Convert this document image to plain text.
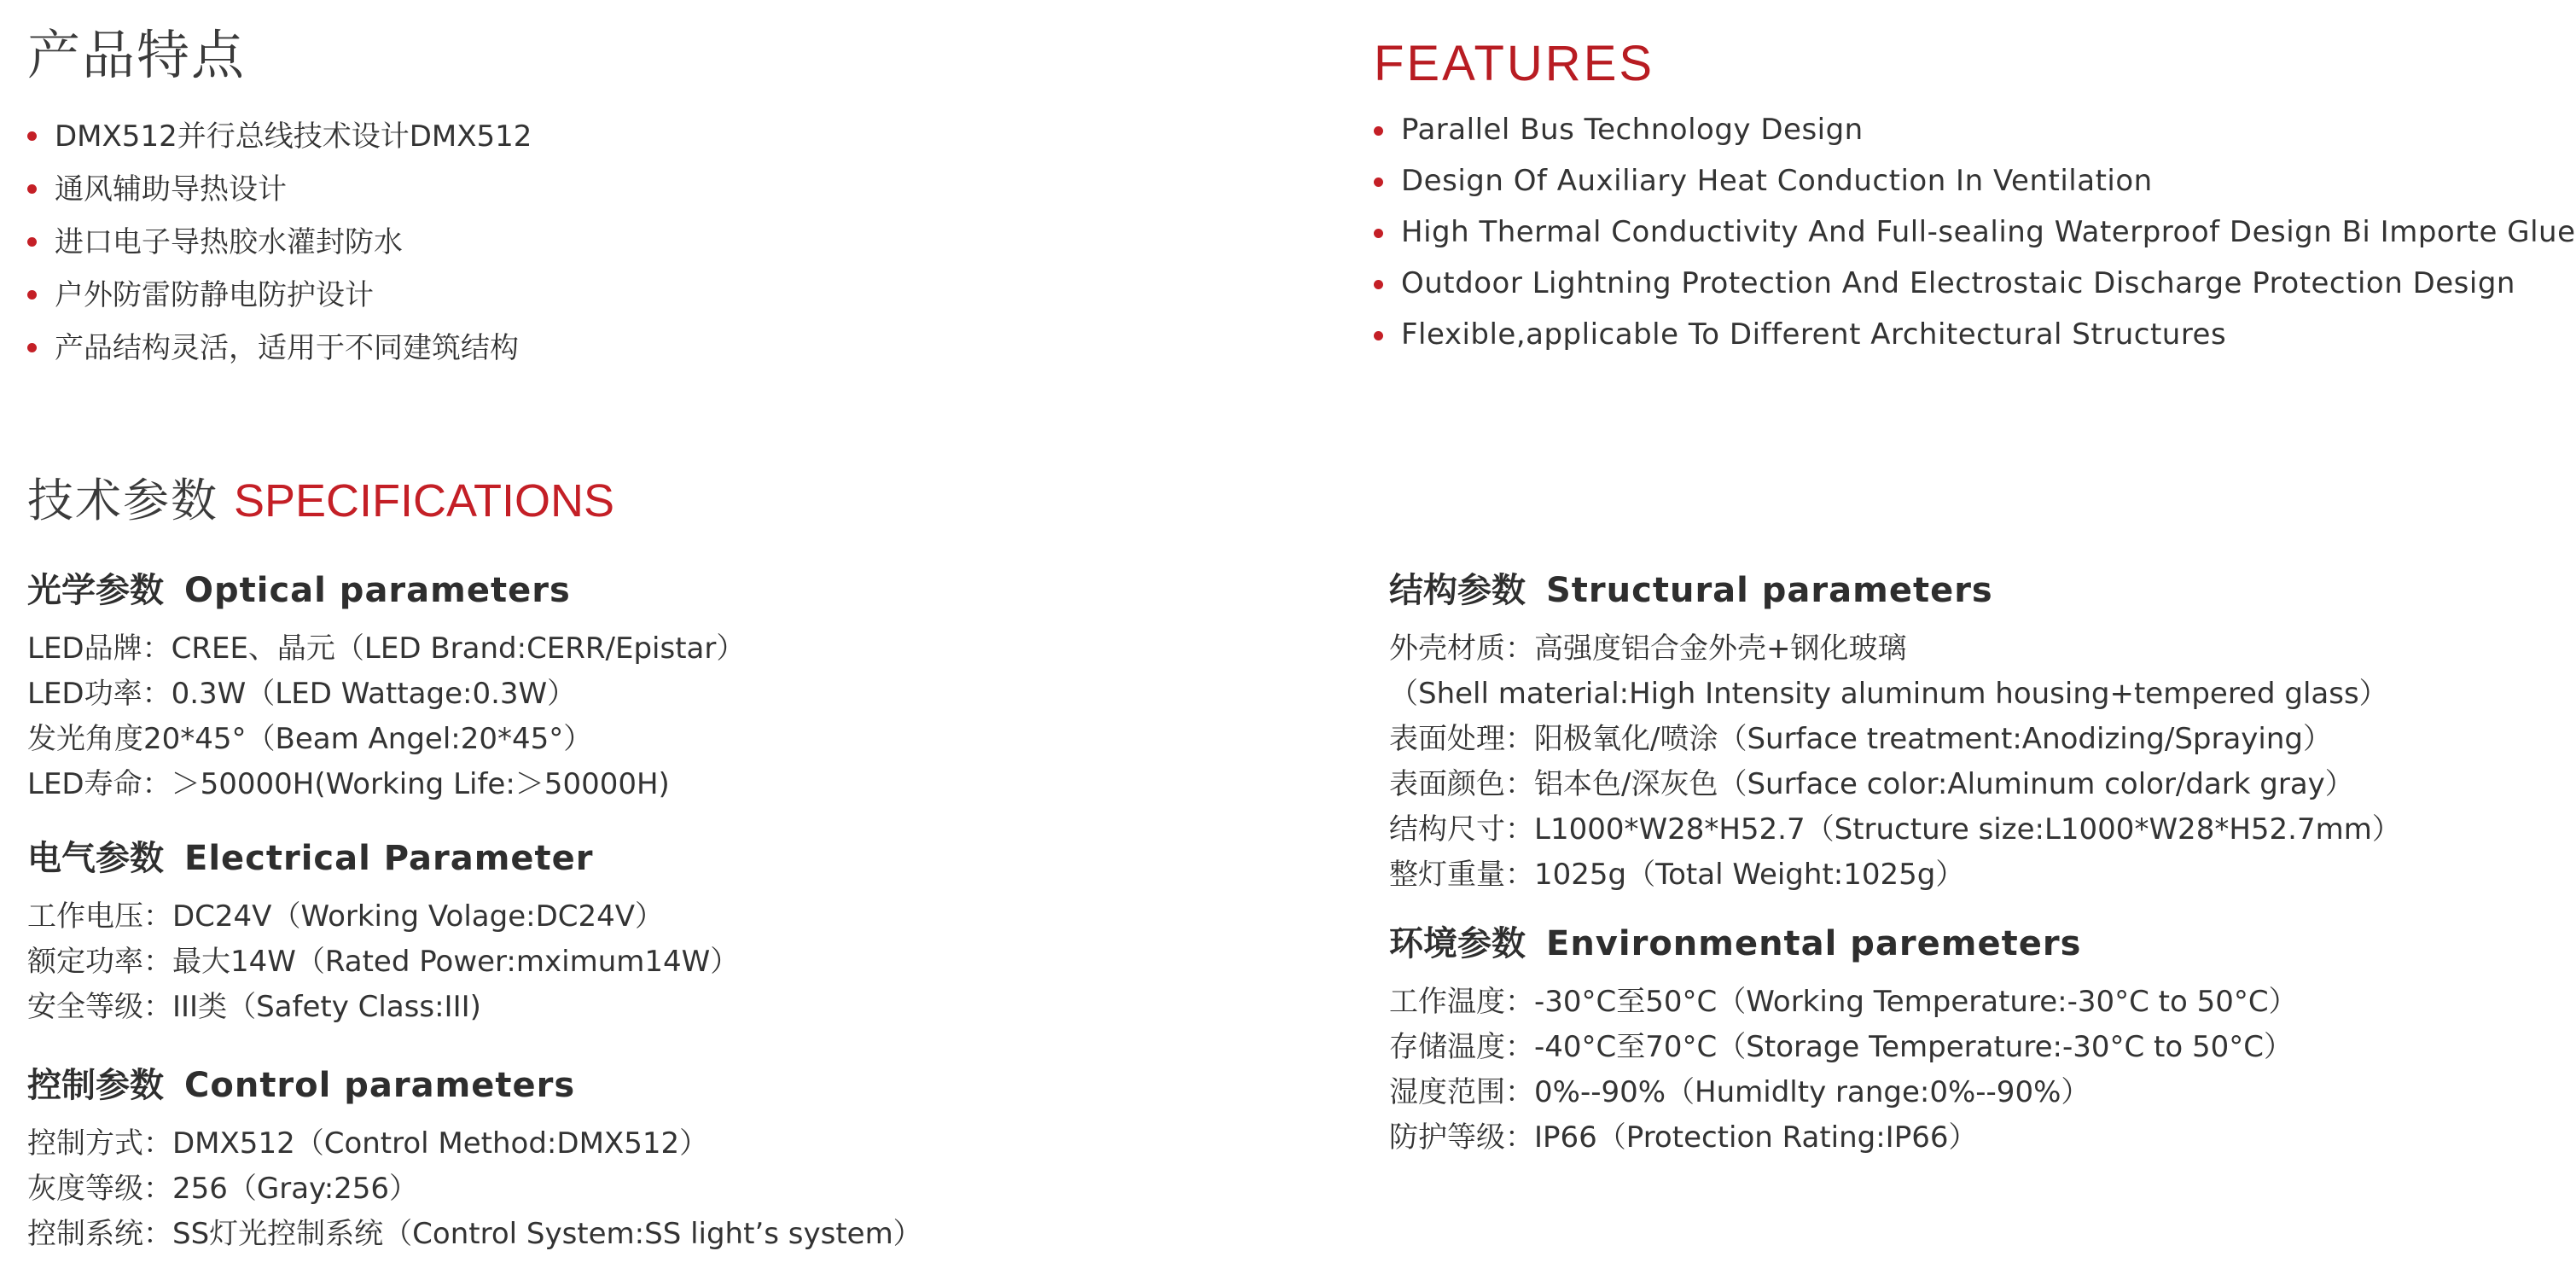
产品特点
DMX512并行总线技术设计DMX512
通风辅助导热设计
进口电子导热胶水灌封防水
户外防雷防静电防护设计
产品结构灵活，适用于不同建筑结构
FEATURES
Parallel Bus Technology Design
Design Of Auxiliary Heat Conduction In Ventilation
High Thermal Conductivity And Full-sealing Waterproof Design Bi Importe Glue
Outdoor Lightning Protection And Electrostaic Discharge Protection Design
Flexible,applicable To Different Architectural Structures
技术参数 SPECIFICATIONS
光学参数 Optical parameters
LED品牌：CREE、晶元（LED Brand:CERR/Epistar）
LED功率：0.3W（LED Wattage:0.3W）
发光角度20*45°（Beam Angel:20*45°）
LED寿命：＞50000H(Working Life:＞50000H)
电气参数 Electrical Parameter
工作电压：DC24V（Working Volage:DC24V）
额定功率：最大14W（Rated Power:mximum14W）
安全等级：III类（Safety Class:III)
控制参数 Control parameters
控制方式：DMX512（Control Method:DMX512）
灰度等级：256（Gray:256）
控制系统：SS灯光控制系统（Control System:SS light’s system）
结构参数 Structural parameters
外壳材质：高强度铝合金外壳+钢化玻璃
（Shell material:High Intensity aluminum housing+tempered glass）
表面处理：阳极氧化/喷涂（Surface treatment:Anodizing/Spraying）
表面颜色：铝本色/深灰色（Surface color:Aluminum color/dark gray）
结构尺寸：L1000*W28*H52.7（Structure size:L1000*W28*H52.7mm）
整灯重量：1025g（Total Weight:1025g）
环境参数 Environmental paremeters
工作温度：-30°C至50°C（Working Temperature:-30°C to 50°C）
存储温度：-40°C至70°C（Storage Temperature:-30°C to 50°C）
湿度范围：0%--90%（Humidlty range:0%--90%）
防护等级：IP66（Protection Rating:IP66）
